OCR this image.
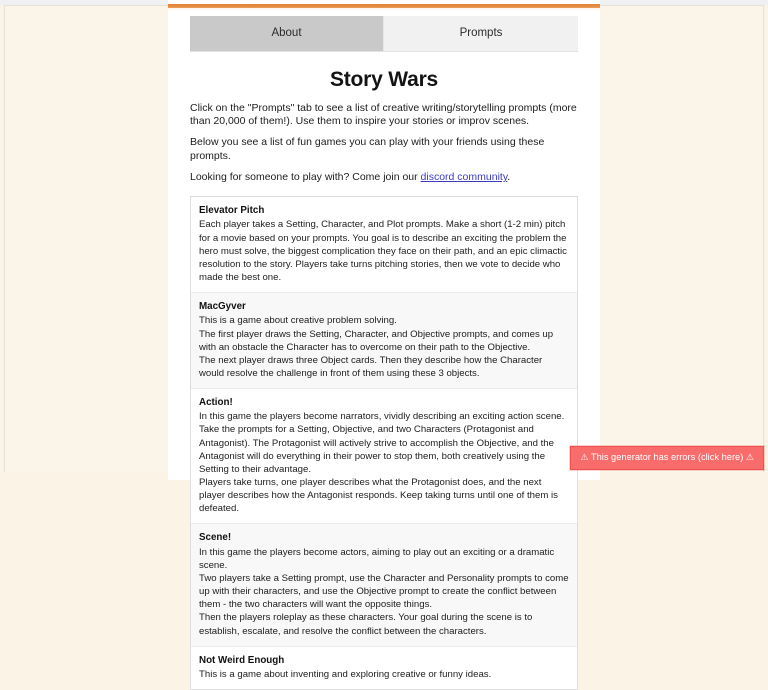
About	Prompts
Story Wars

Click on the "Prompts" tab to see a list of creative writing/storytelling prompts (more than 20,000 of them!). Use them to inspire your stories or improv scenes.

Below you see a list of fun games you can play with your friends using these prompts.

Looking for someone to play with? Come join our discord community.

Elevator Pitch
Each player takes a Setting, Character, and Plot prompts. Make a short (1-2 min) pitch for a movie based on your prompts. You goal is to describe an exciting the problem the hero must solve, the biggest complication they face on their path, and an epic climactic resolution to the story. Players take turns pitching stories, then we vote to decide who made the best one.
MacGyver
This is a game about creative problem solving.
The first player draws the Setting, Character, and Objective prompts, and comes up with an obstacle the Character has to overcome on their path to the Objective.
The next player draws three Object cards. Then they describe how the Character would resolve the challenge in front of them using these 3 objects.
Action!
In this game the players become narrators, vividly describing an exciting action scene.
Take the prompts for a Setting, Objective, and two Characters (Protagonist and Antagonist). The Protagonist will actively strive to accomplish the Objective, and the Antagonist will do everything in their power to stop them, both creatively using the Setting to their advantage.
Players take turns, one player describes what the Protagonist does, and the next player describes how the Antagonist responds. Keep taking turns until one of them is defeated.
Scene!
In this game the players become actors, aiming to play out an exciting or a dramatic scene.
Two players take a Setting prompt, use the Character and Personality prompts to come up with their characters, and use the Objective prompt to create the conflict between them - the two characters will want the opposite things.
Then the players roleplay as these characters. Your goal during the scene is to establish, escalate, and resolve the conflict between the characters.
Not Weird Enough
This is a game about inventing and exploring creative or funny ideas.
⚠ This generator has errors (click here) ⚠
